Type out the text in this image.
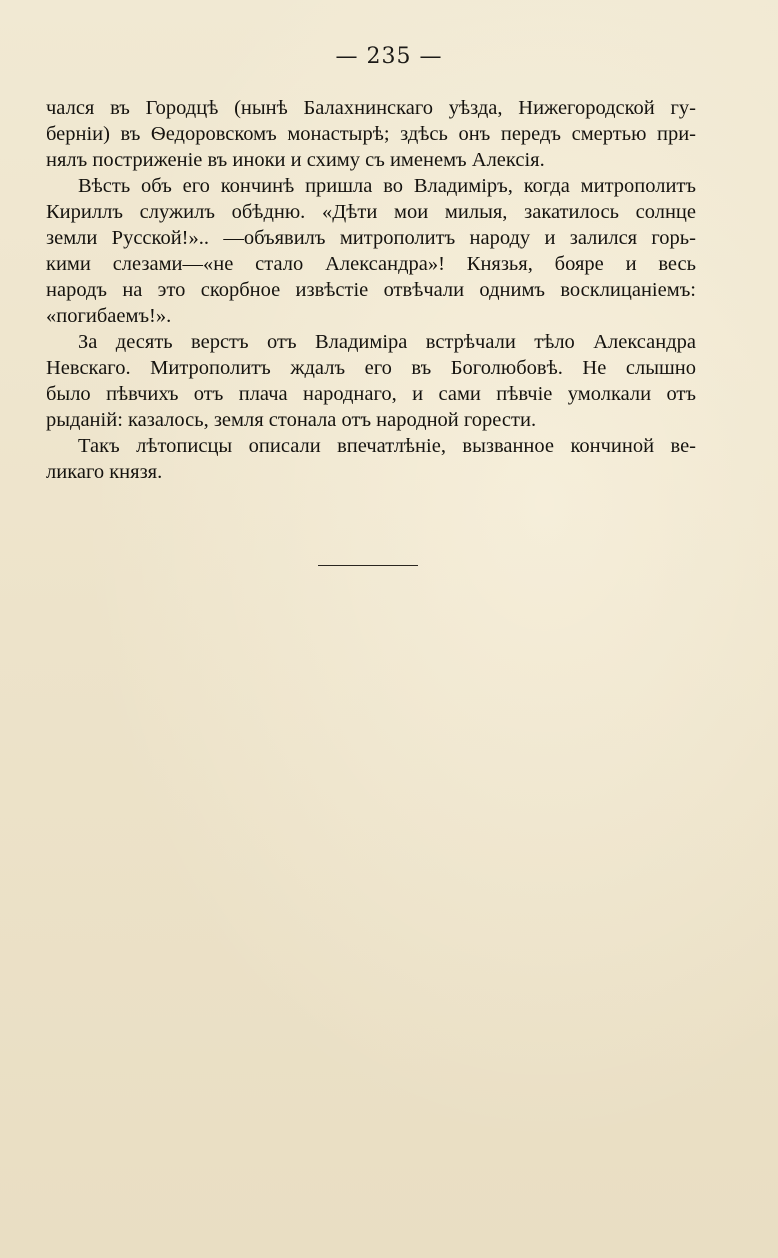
— 235 —
чался въ Городцѣ (нынѣ Балахнинскаго уѣзда, Нижегородской гу-
берніи) въ Ѳедоровскомъ монастырѣ; здѣсь онъ передъ смертью при-
нялъ постриженіе въ иноки и схиму съ именемъ Алексія.
Вѣсть объ его кончинѣ пришла во Владиміръ, когда митрополитъ
Кириллъ служилъ обѣдню. «Дѣти мои милыя, закатилось солнце
земли Русской!».. —объявилъ митрополитъ народу и залился горь-
кими слезами—«не стало Александра»! Князья, бояре и весь
народъ на это скорбное извѣстіе отвѣчали однимъ восклицаніемъ:
«погибаемъ!».
За десять верстъ отъ Владиміра встрѣчали тѣло Александра
Невскаго. Митрополитъ ждалъ его въ Боголюбовѣ. Не слышно
было пѣвчихъ отъ плача народнаго, и сами пѣвчіе умолкали отъ
рыданій: казалось, земля стонала отъ народной горести.
Такъ лѣтописцы описали впечатлѣніе, вызванное кончиной ве-
ликаго князя.
